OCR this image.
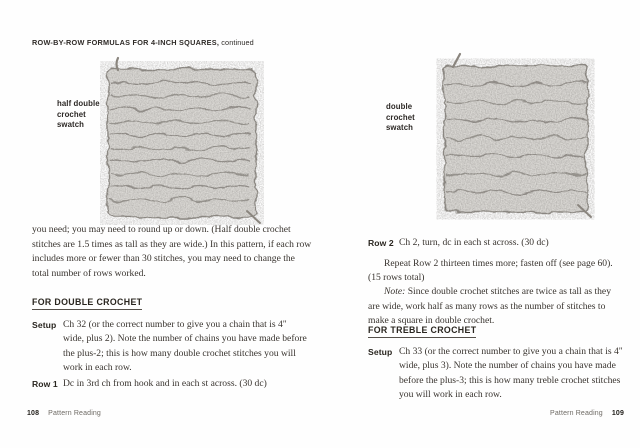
ROW-BY-ROW FORMULAS FOR 4-INCH SQUARES, continued
half double
crochet
swatch
you need; you may need to round up or down. (Half double crochet stitches are 1.5 times as tall as they are wide.) In this pattern, if each row includes more or fewer than 30 stitches, you may need to change the total number of rows worked.
FOR DOUBLE CROCHET
Setup Ch 32 (or the correct number to give you a chain that is 4" wide, plus 2). Note the number of chains you have made before the plus-2; this is how many double crochet stitches you will work in each row.
Row 1 Dc in 3rd ch from hook and in each st across. (30 dc)
108 Pattern Reading
double
crochet
swatch
Row 2 Ch 2, turn, dc in each st across. (30 dc)

Repeat Row 2 thirteen times more; fasten off (see page 60). (15 rows total)

Note: Since double crochet stitches are twice as tall as they are wide, work half as many rows as the number of stitches to make a square in double crochet.

FOR TREBLE CROCHET
Setup Ch 33 (or the correct number to give you a chain that is 4" wide, plus 3). Note the number of chains you have made before the plus-3; this is how many treble crochet stitches you will work in each row.
Pattern Reading 109
